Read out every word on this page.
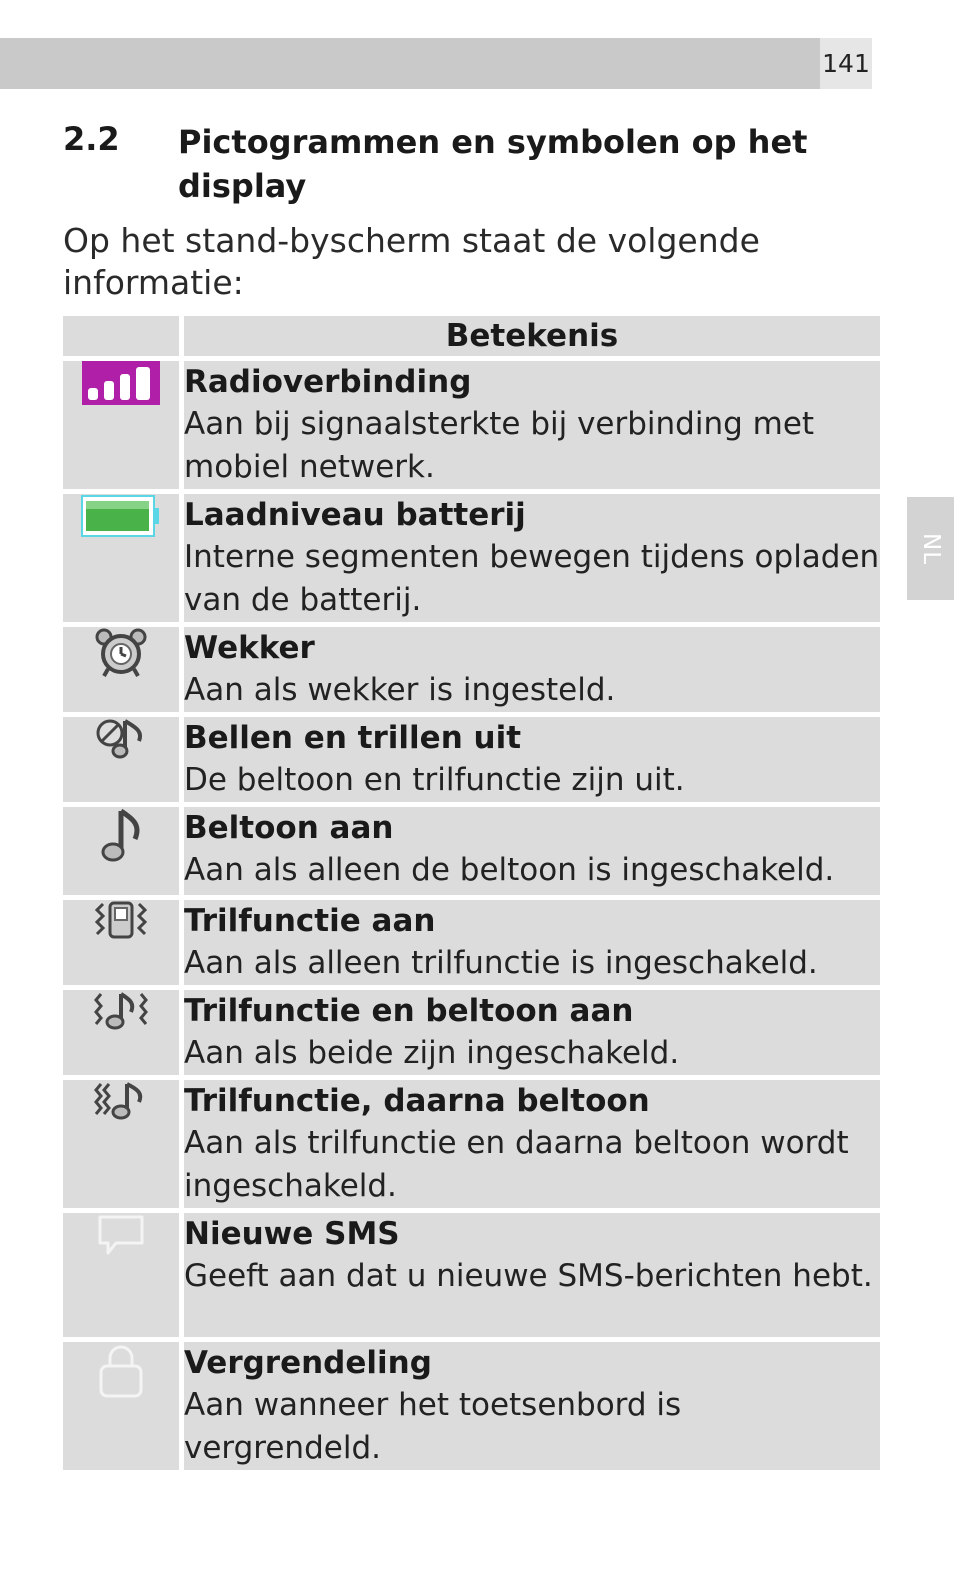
141
NL
2.2 Pictogrammen en symbolen op het display
Op het stand-byscherm staat de volgende informatie:
	Betekenis

Radioverbinding
Aan bij signaalsterkte bij verbinding met mobiel netwerk.

Laadniveau batterij
Interne segmenten bewegen tijdens opladen van de batterij.

Wekker
Aan als wekker is ingesteld.

Bellen en trillen uit
De beltoon en trilfunctie zijn uit.

Beltoon aan
Aan als alleen de beltoon is ingeschakeld.

Trilfunctie aan
Aan als alleen trilfunctie is ingeschakeld.

Trilfunctie en beltoon aan
Aan als beide zijn ingeschakeld.

Trilfunctie, daarna beltoon
Aan als trilfunctie en daarna beltoon wordt ingeschakeld.

Nieuwe SMS
Geeft aan dat u nieuwe SMS-berichten hebt.

Vergrendeling
Aan wanneer het toetsenbord is vergrendeld.
